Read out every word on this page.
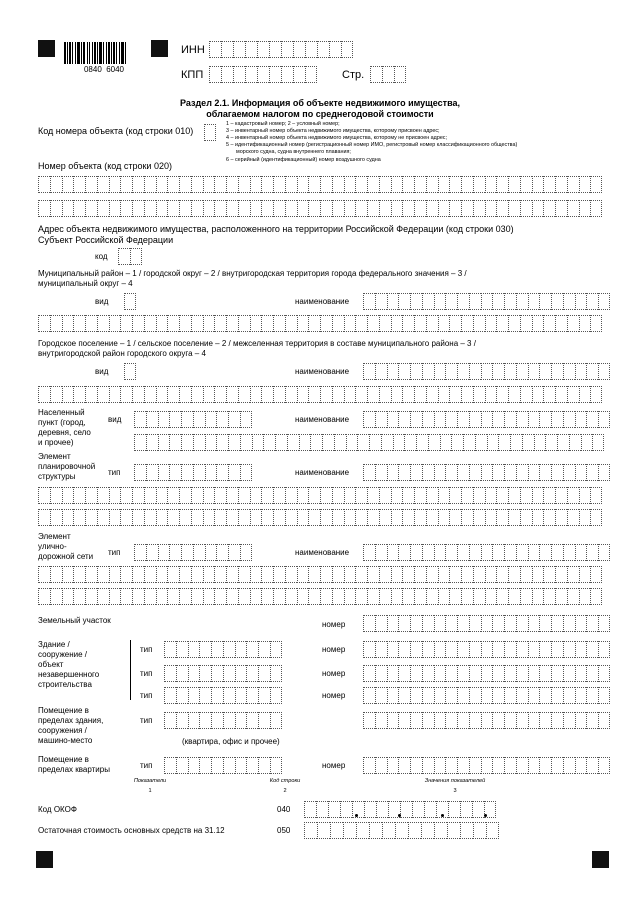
0840  6040
ИНН
КПП	Стр.
Раздел 2.1. Информация об объекте недвижимого имущества,
облагаемом налогом по среднегодовой стоимости
Код номера объекта (код строки 010)
1 – кадастровый номер; 2 – условный номер;
3 – инвентарный номер объекта недвижимого имущества, которому присвоен адрес;
4 – инвентарный номер объекта недвижимого имущества, которому не присвоен адрес;
5 – идентификационный номер (регистрационный номер ИМО, регистровый номер классификационного общества)
морского судна, судна внутреннего плавания;
6 – серийный (идентификационный) номер воздушного судна
Номер объекта (код строки 020)
Адрес объекта недвижимого имущества, расположенного на территории Российской Федерации (код строки 030)
Субъект Российской Федерации
код
Муниципальный район – 1 / городской округ – 2 / внутригородская территория города федерального значения – 3 /
муниципальный округ – 4
вид	наименование
Городское поселение – 1 / сельское поселение – 2 / межселенная территория в составе муниципального района – 3 /
внутригородской район городского округа – 4
вид	наименование
Населенный
пункт (город,
деревня, село
и прочее)
вид	наименование
Элемент
планировочной
структуры	тип	наименование
Элемент
улично-
дорожной сети тип	наименование
Земельный участок	номер
Здание /
сооружение /
объект
незавершенного
строительства
тип	номер
тип	номер
тип	номер
Помещение в
пределах здания,
сооружения /
машино-место
тип
(квартира, офис и прочее)
Помещение в
пределах квартиры	тип	номер
Показатели	Код строки	Значения показателей
1	2	3
Код ОКОФ	040
Остаточная стоимость основных средств на 31.12	050
